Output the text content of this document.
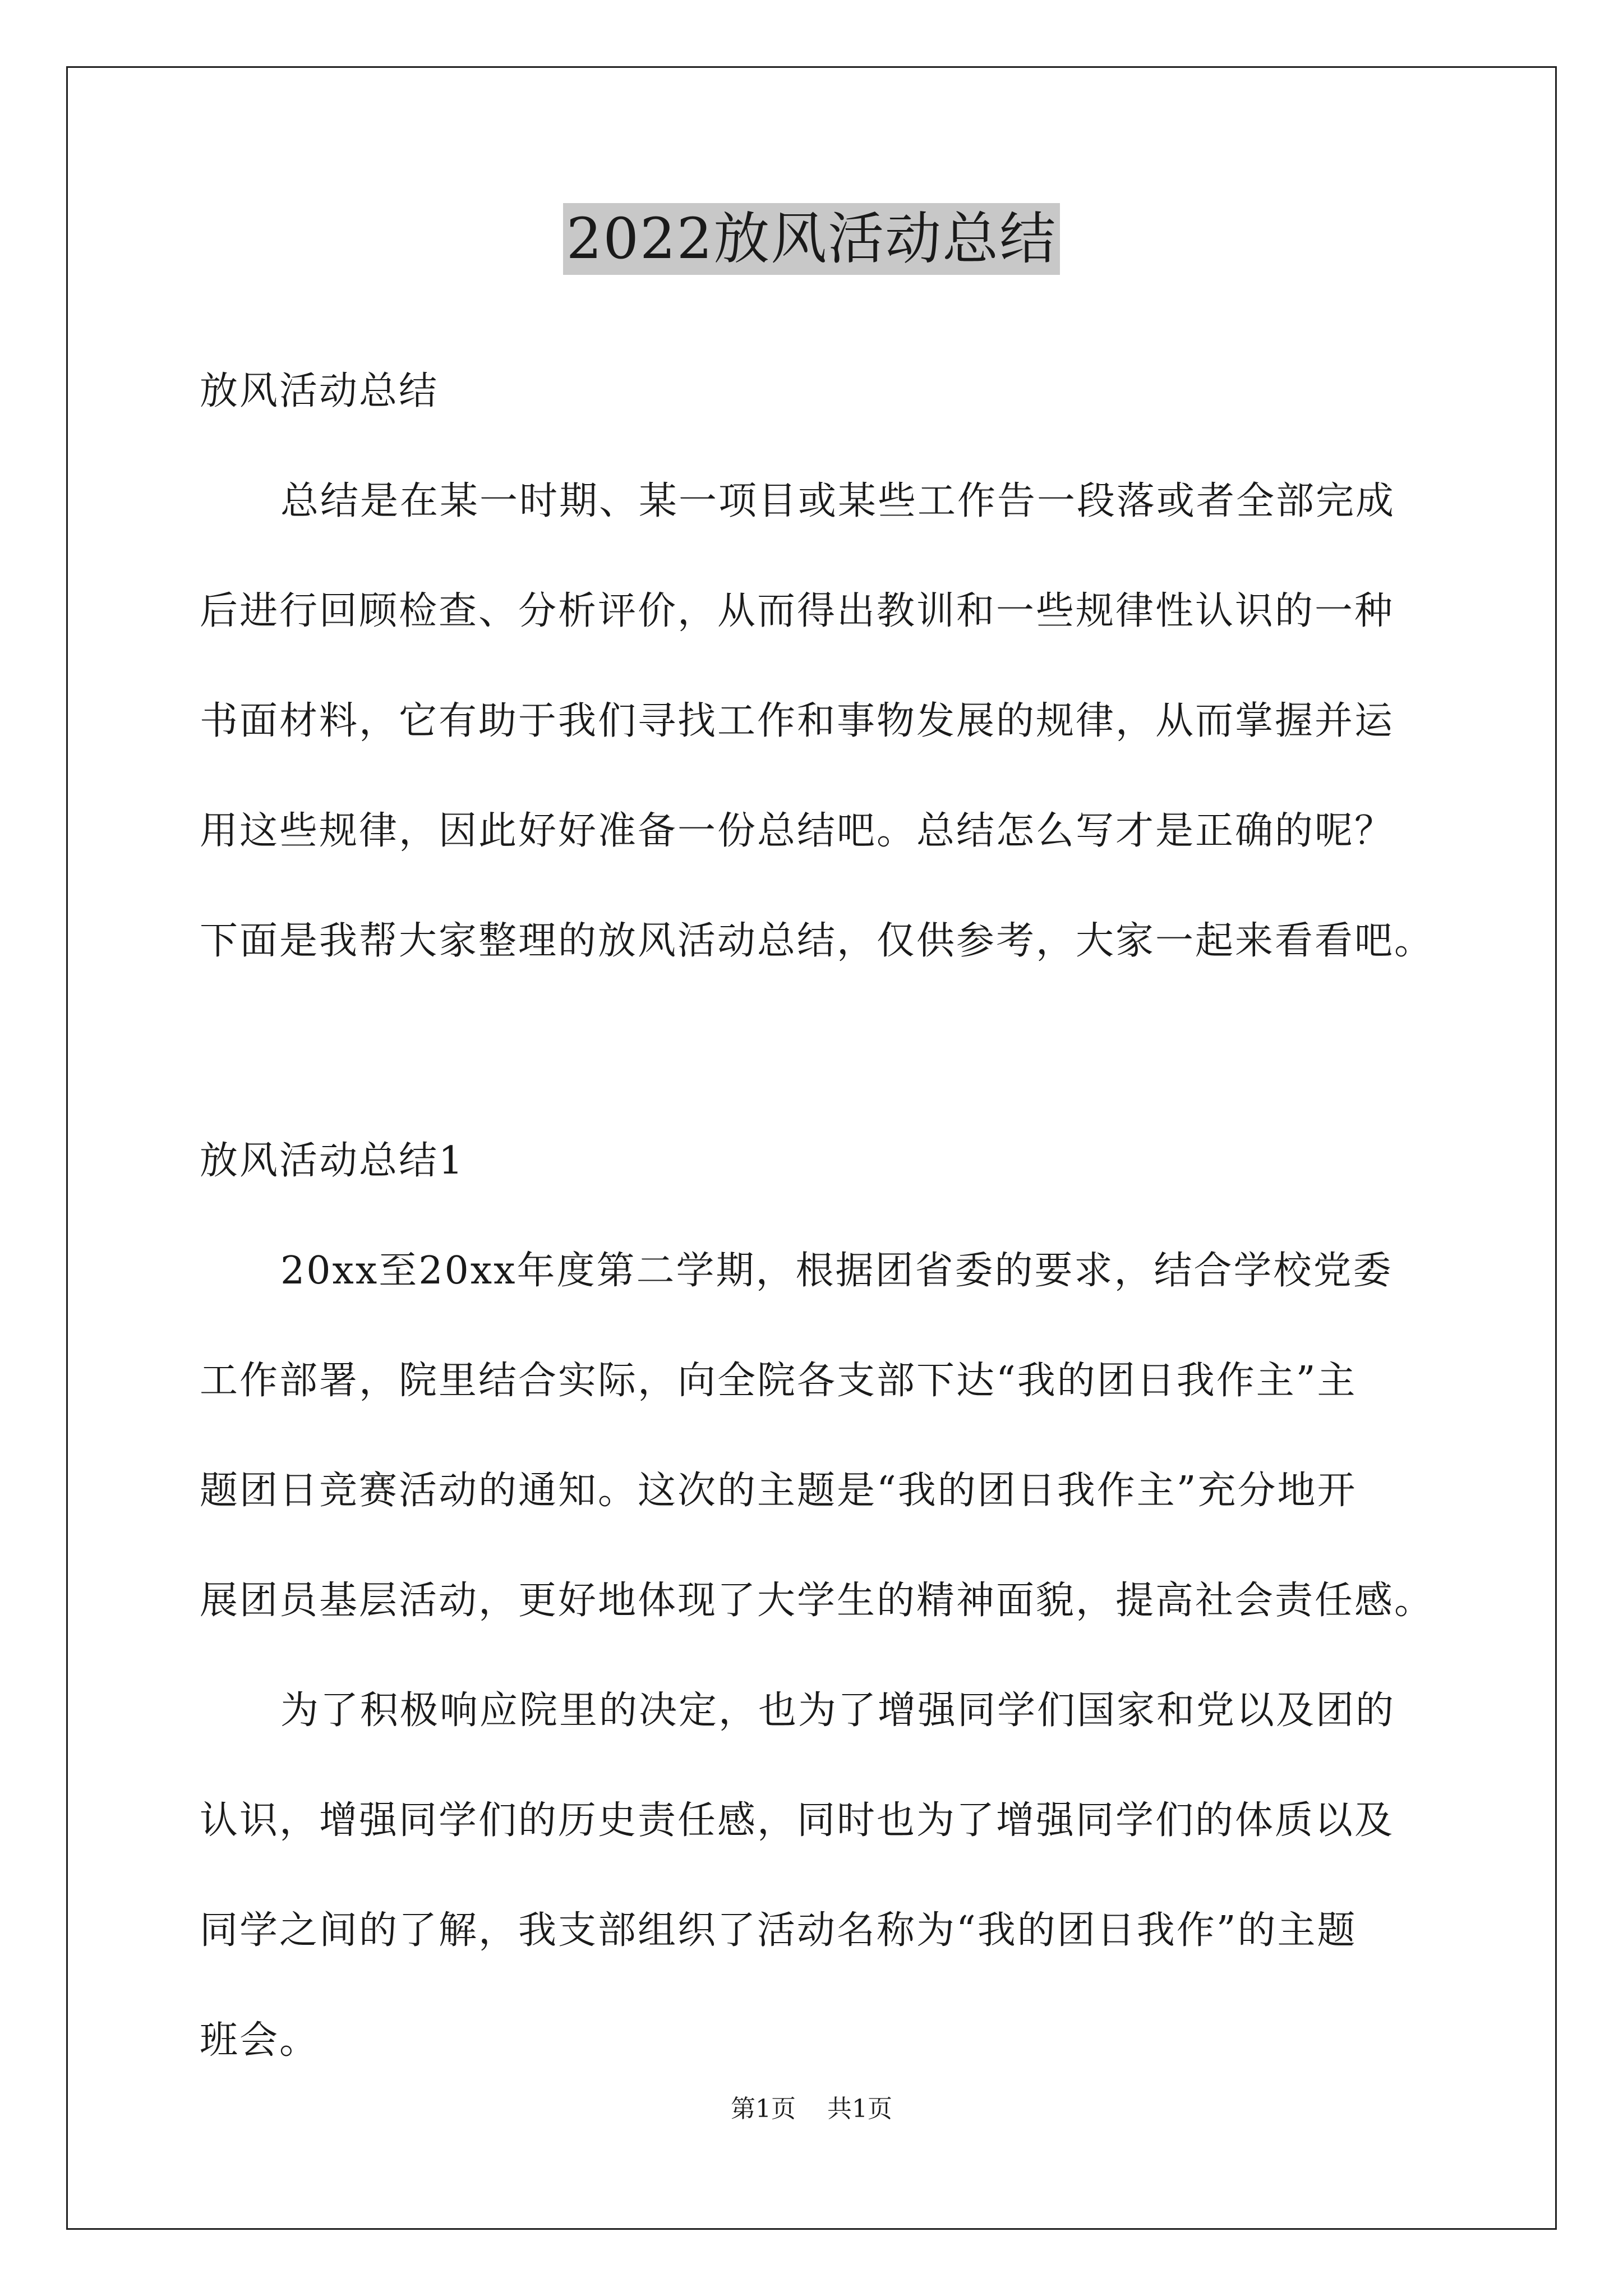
2022放风活动总结
放风活动总结
总结是在某一时期、某一项目或某些工作告一段落或者全部完成
后进行回顾检查、分析评价，从而得出教训和一些规律性认识的一种
书面材料，它有助于我们寻找工作和事物发展的规律，从而掌握并运
用这些规律，因此好好准备一份总结吧。总结怎么写才是正确的呢？
下面是我帮大家整理的放风活动总结，仅供参考，大家一起来看看吧。
放风活动总结1
20xx至20xx年度第二学期，根据团省委的要求，结合学校党委
工作部署，院里结合实际，向全院各支部下达“我的团日我作主”主
题团日竞赛活动的通知。这次的主题是“我的团日我作主”充分地开
展团员基层活动，更好地体现了大学生的精神面貌，提高社会责任感。
为了积极响应院里的决定，也为了增强同学们国家和党以及团的
认识，增强同学们的历史责任感，同时也为了增强同学们的体质以及
同学之间的了解，我支部组织了活动名称为“我的团日我作”的主题
班会。
第1页 共1页
